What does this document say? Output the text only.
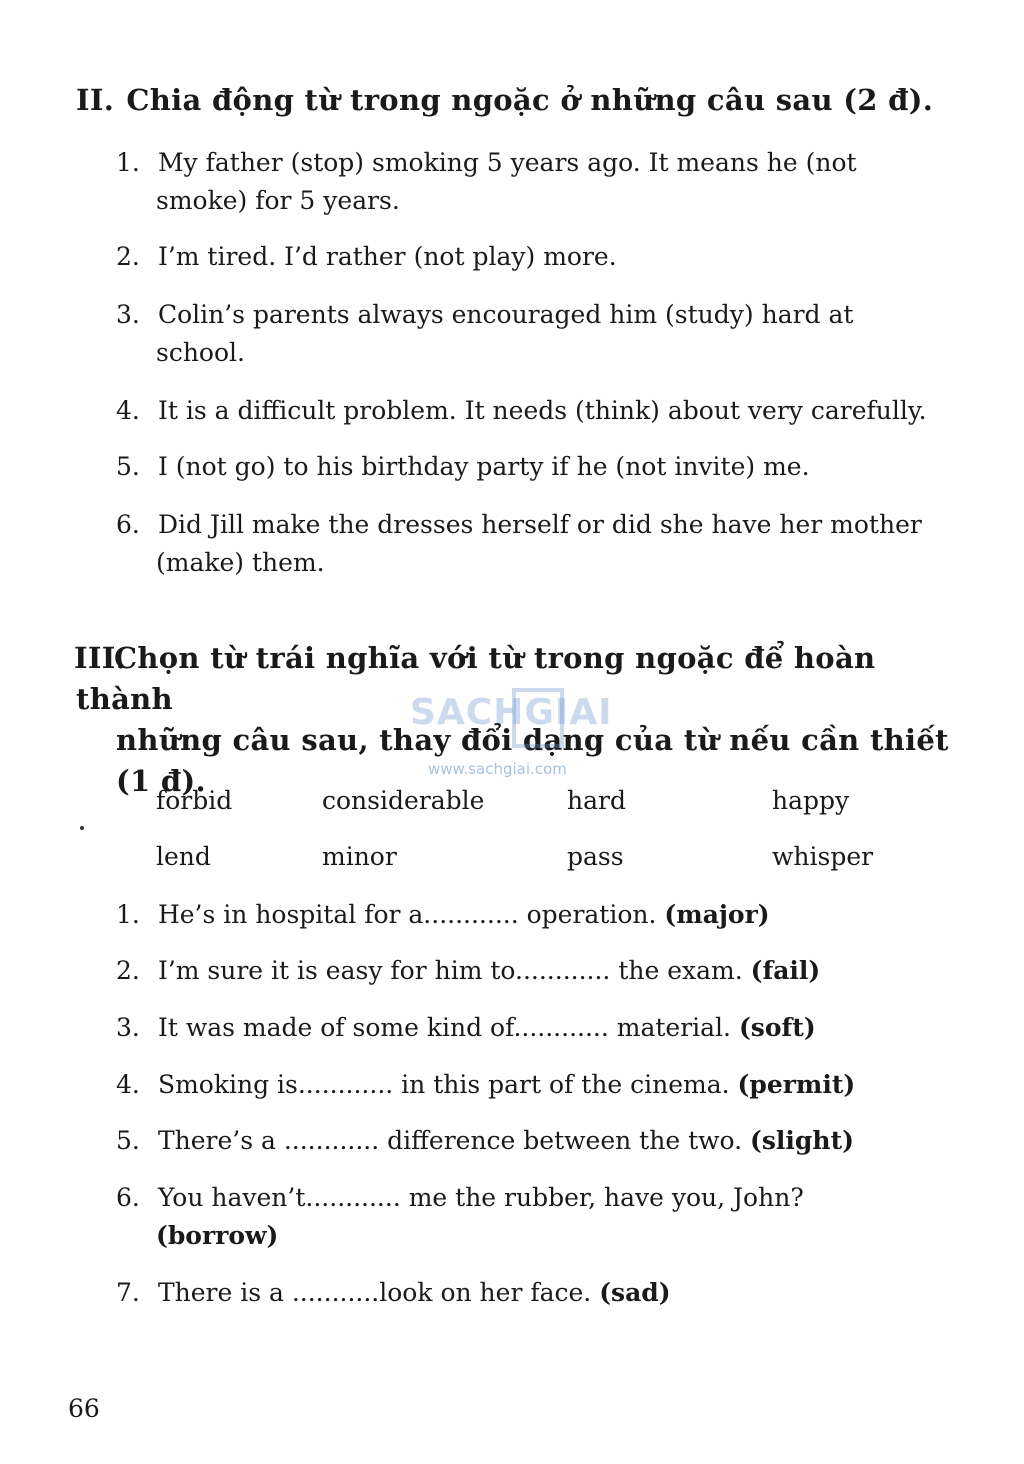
II. Chia động từ trong ngoặc ở những câu sau (2 đ).
1. My father (stop) smoking 5 years ago. It means he (not
smoke) for 5 years.
2. I’m tired. I’d rather (not play) more.
3. Colin’s parents always encouraged him (study) hard at
school.
4. It is a difficult problem. It needs (think) about very carefully.
5. I (not go) to his birthday party if he (not invite) me.
6. Did Jill make the dresses herself or did she have her mother
(make) them.
III.Chọn từ trái nghĩa với từ trong ngoặc để hoàn thành
những câu sau, thay đổi dạng của từ nếu cần thiết
(1 đ).
SACHGIAI
www.sachgiai.com
forbid	considerable	hard	happy
lend	minor	pass	whisper
1. He’s in hospital for a............ operation. (major)
2. I’m sure it is easy for him to............ the exam. (fail)
3. It was made of some kind of............ material. (soft)
4. Smoking is............ in this part of the cinema. (permit)
5. There’s a ............ difference between the two. (slight)
6. You haven’t............ me the rubber, have you, John?
(borrow)
7. There is a ...........look on her face. (sad)
66
